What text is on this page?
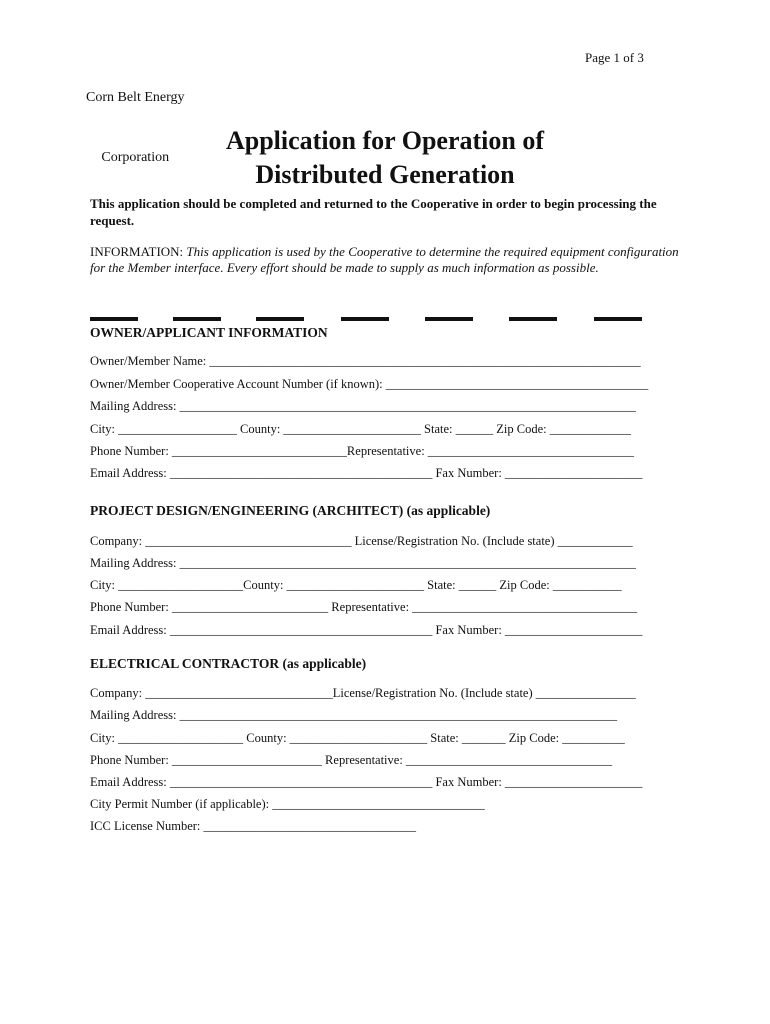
Corn Belt Energy

Corporation

Page 1 of 3
Application for Operation of
Distributed Generation
This application should be completed and returned to the Cooperative in order to begin processing the request.
INFORMATION: This application is used by the Cooperative to determine the required equipment configuration for the Member interface. Every effort should be made to supply as much information as possible.
OWNER/APPLICANT INFORMATION
Owner/Member Name: _____________________________________________________________________
Owner/Member Cooperative Account Number (if known): __________________________________________
Mailing Address: _________________________________________________________________________
City: ___________________ County: ______________________ State: ______ Zip Code: _____________
Phone Number: ____________________________Representative: _________________________________
Email Address: __________________________________________ Fax Number: ______________________
PROJECT DESIGN/ENGINEERING (ARCHITECT) (as applicable)
Company: _________________________________ License/Registration No. (Include state) ____________
Mailing Address: _________________________________________________________________________
City: ____________________County: ______________________ State: ______ Zip Code: ___________
Phone Number: _________________________ Representative: ____________________________________
Email Address: __________________________________________ Fax Number: ______________________
ELECTRICAL CONTRACTOR (as applicable)
Company: ______________________________License/Registration No. (Include state) ________________
Mailing Address: ______________________________________________________________________
City: ____________________ County: ______________________ State: _______ Zip Code: __________
Phone Number: ________________________ Representative: _________________________________
Email Address: __________________________________________ Fax Number: ______________________
City Permit Number (if applicable): __________________________________
ICC License Number: __________________________________
